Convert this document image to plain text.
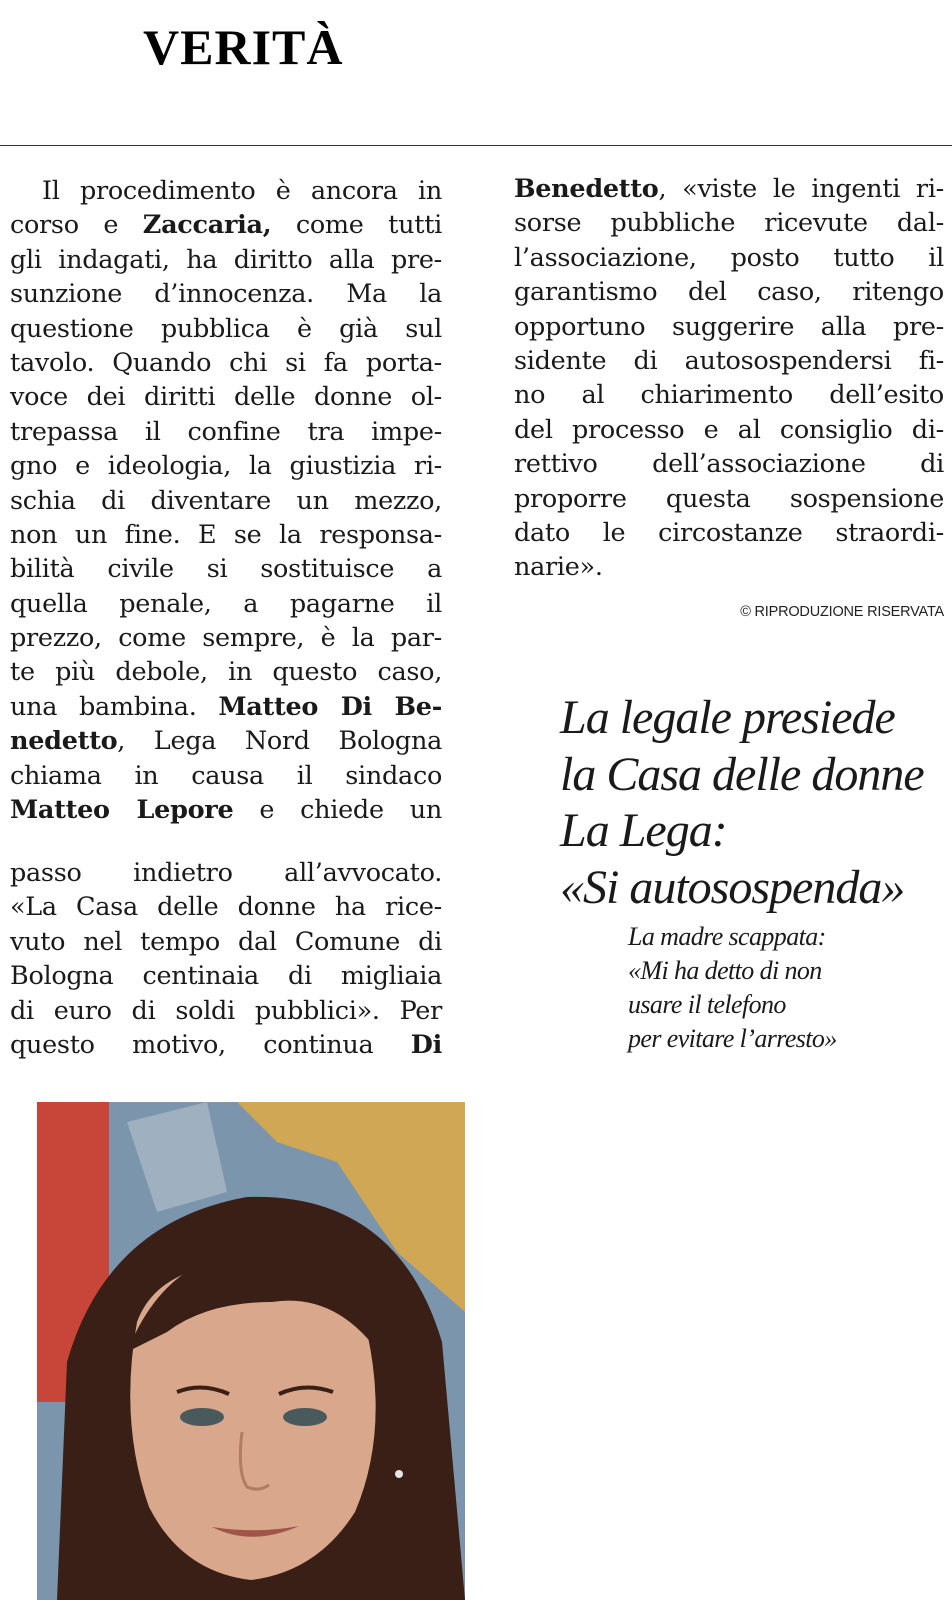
VERITÀ
Il procedimento è ancora in
corso e Zaccaria, come tutti
gli indagati, ha diritto alla pre-
sunzione d’innocenza. Ma la
questione pubblica è già sul
tavolo. Quando chi si fa porta-
voce dei diritti delle donne ol-
trepassa il confine tra impe-
gno e ideologia, la giustizia ri-
schia di diventare un mezzo,
non un fine. E se la responsa-
bilità civile si sostituisce a
quella penale, a pagarne il
prezzo, come sempre, è la par-
te più debole, in questo caso,
una bambina. Matteo Di Be-
nedetto, Lega Nord Bologna
chiama in causa il sindaco
Matteo Lepore e chiede un
passo indietro all’avvocato.
«La Casa delle donne ha rice-
vuto nel tempo dal Comune di
Bologna centinaia di migliaia
di euro di soldi pubblici». Per
questo motivo, continua Di
Benedetto, «viste le ingenti ri-
sorse pubbliche ricevute dal-
l’associazione, posto tutto il
garantismo del caso, ritengo
opportuno suggerire alla pre-
sidente di autosospendersi fi-
no al chiarimento dell’esito
del processo e al consiglio di-
rettivo dell’associazione di
proporre questa sospensione
dato le circostanze straordi-
narie».
© RIPRODUZIONE RISERVATA
La legale presiede
la Casa delle donne
La Lega:
«Si autosospenda»
La madre scappata:
«Mi ha detto di non
usare il telefono
per evitare l’arresto»
